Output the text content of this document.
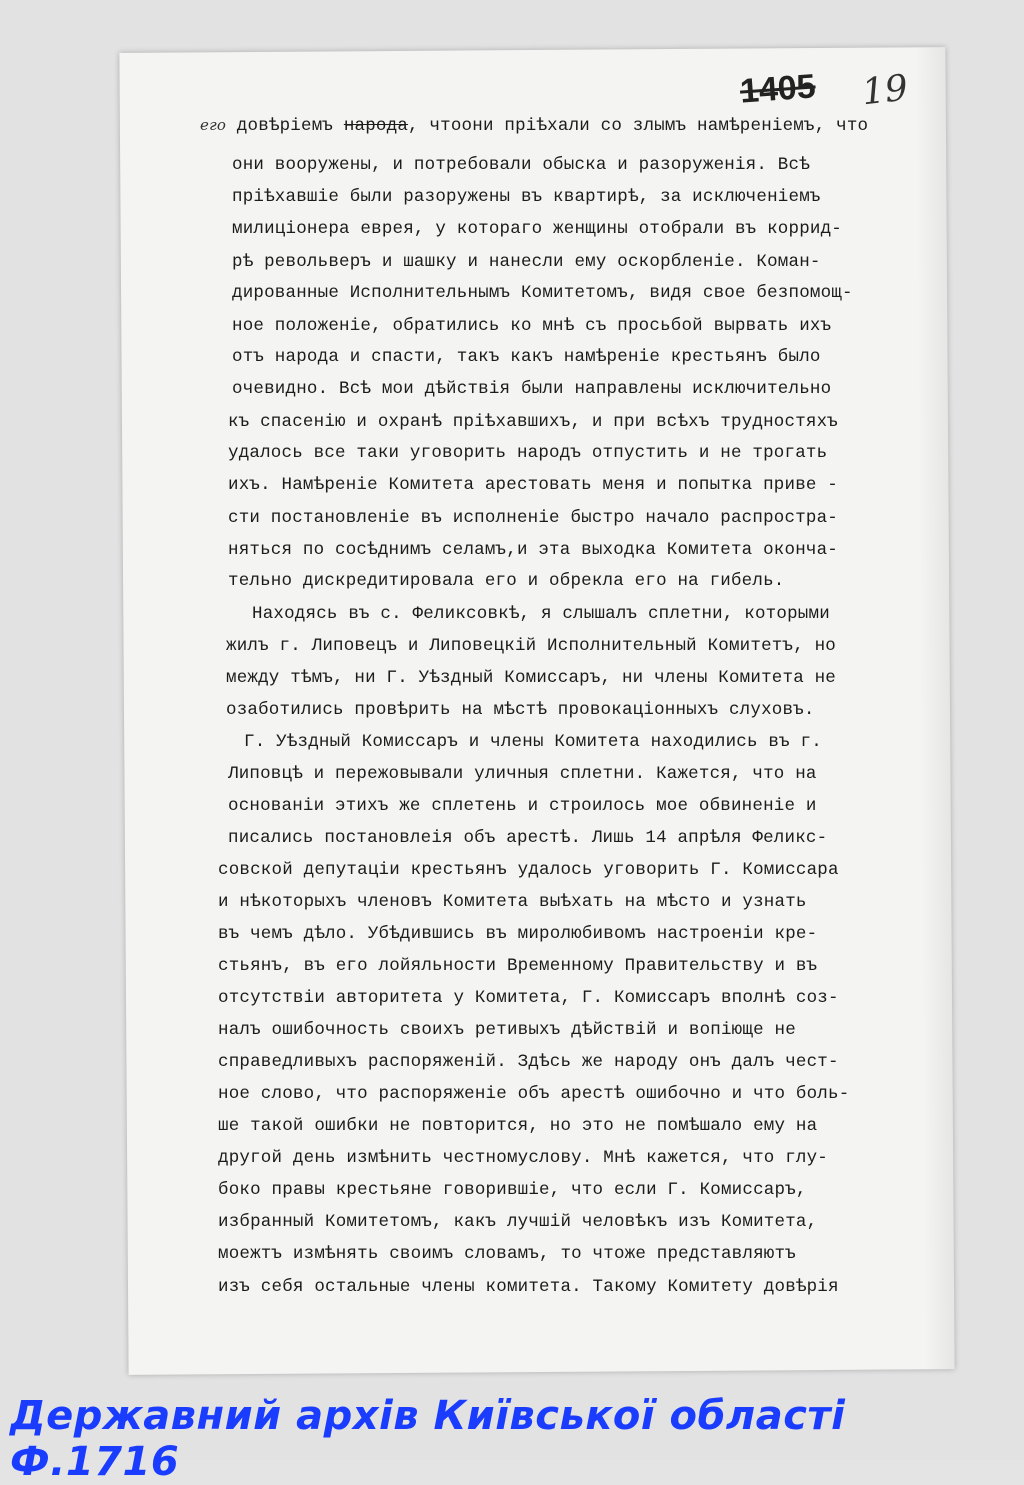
1405 19
его довѣріемъ народа, чтоони пріѣхали со злымъ намѣреніемъ, что
они вооружены, и потребовали обыска и разоруженія. Всѣ
пріѣхавшіе были разоружены въ квартирѣ, за исключеніемъ
милиціонера еврея, у котораго женщины отобрали въ коррид-
рѣ револьверъ и шашку и нанесли ему оскорбленіе. Коман-
дированные Исполнительнымъ Комитетомъ, видя свое безпомощ-
ное положеніе, обратились ко мнѣ съ просьбой вырвать ихъ
отъ народа и спасти, такъ какъ намѣреніе крестьянъ было
очевидно. Всѣ мои дѣйствія были направлены исключительно
къ спасенію и охранѣ пріѣхавшихъ, и при всѣхъ трудностяхъ
удалось все таки уговорить народъ отпустить и не трогать
ихъ. Намѣреніе Комитета арестовать меня и попытка приве -
сти постановленіе въ исполненіе быстро начало распростра-
няться по сосѣднимъ селамъ,и эта выходка Комитета оконча-
тельно дискредитировала его и обрекла его на гибель.
Находясь въ с. Феликсовкѣ, я слышалъ сплетни, которыми
жилъ г. Липовецъ и Липовецкій Исполнительный Комитетъ, но
между тѣмъ, ни Г. Уѣздный Комиссаръ, ни члены Комитета не
озаботились провѣрить на мѣстѣ провокаціонныхъ слуховъ.
Г. Уѣздный Комиссаръ и члены Комитета находились въ г.
Липовцѣ и пережовывали уличныя сплетни. Кажется, что на
основаніи этихъ же сплетень и строилось мое обвиненіе и
писались постановлеія объ арестѣ. Лишь 14 апрѣля Феликс-
совской депутаціи крестьянъ удалось уговорить Г. Комиссара
и нѣкоторыхъ членовъ Комитета выѣхать на мѣсто и узнать
въ чемъ дѣло. Убѣдившись въ миролюбивомъ настроеніи кре-
стьянъ, въ его лойяльности Временному Правительству и въ
отсутствіи авторитета у Комитета, Г. Комиссаръ вполнѣ соз-
налъ ошибочность своихъ ретивыхъ дѣйствій и вопіюще не
справедливыхъ распоряженій. Здѣсь же народу онъ далъ чест-
ное слово, что распоряженіе объ арестѣ ошибочно и что боль-
ше такой ошибки не повторится, но это не помѣшало ему на
другой день измѣнить честномуслову. Мнѣ кажется, что глу-
боко правы крестьяне говорившіе, что если Г. Комиссаръ,
избранный Комитетомъ, какъ лучшій человѣкъ изъ Комитета,
моежтъ измѣнять своимъ словамъ, то чтоже представляютъ
изъ себя остальные члены комитета. Такому Комитету довѣрія
Державний архів Київської області Ф.1716
